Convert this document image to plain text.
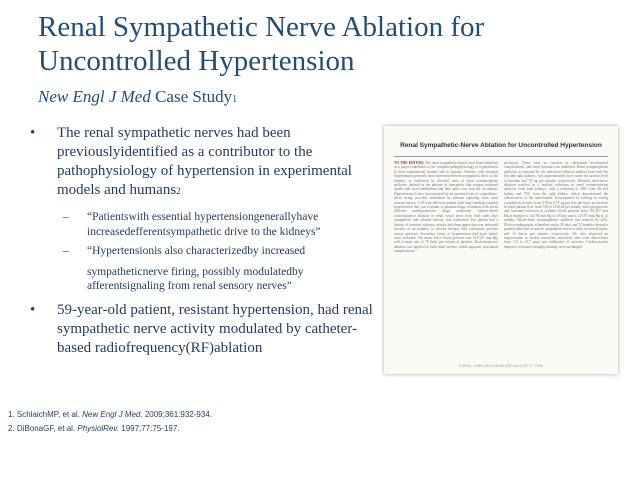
Renal Sympathetic Nerve Ablation for Uncontrolled Hypertension
New Engl J Med Case Study1
• The renal sympathetic nerves had been previouslyidentified as a contributor to the pathophysiology of hypertension in experimental models and humans2
– “Patientswith essential hypertensiongenerallyhave increasedefferentsympathetic drive to the kidneys”
– “Hypertensionis also characterizedby increased
sympatheticnerve firing, possibly modulatedby afferentsignaling from renal sensory nerves”
• 59-year-old patient, resistant hypertension, had renal sympathetic nerve activity modulated by catheter-based radiofrequency(RF)ablation
Renal Sympathetic-Nerve Ablation for Uncontrolled Hypertension
TO THE EDITOR: The renal sympathetic nerves have been identified as a major contributor to the complex pathophysiology of hypertension in both experimental models and in humans. Patients with essential hypertension generally have increased efferent sympathetic drive to the kidneys, as evidenced by elevated rates of renal norepinephrine spillover, defined as the amount of transmitter that escapes neuronal uptake and local metabolism and thus spills over into the circulation. Hypertension is also characterized by an increased rate of sympathetic-nerve firing, possibly modulated by afferent signaling from renal sensory nerves. A 59-year-old male patient with long-standing essential hypertension that was resistant to pharmacologic treatment with seven different antihypertensive drugs underwent catheter-based radiofrequency ablation in renal vessel areas from both sides after sympathetic and afferent activity was confirmed. The patient had a history of transient ischemic attacks and sleep apnea that was untreated because of an inability to tolerate therapy with continuous positive airway pressure. Secondary forms of hypertension and heart failure were excluded. The mean office blood pressure was 161/107 mm Hg, with a heart rate of 76 beats per minute at baseline. Radiofrequency ablation was applied to both renal arteries within apparent procedural complications.
plications. There were no vascular or subsequent biochemical complications, and renal function was unaltered. Renal norepinephrine spillover, as assessed by the radiotracer dilution method from both the left and right kidneys, was approximately three times the normal level at baseline and 79 ng per minute, respectively. Bilateral renal-nerve ablation resulted in a marked reduction in renal norepinephrine spillover from both kidneys, with a reduction of 48% from the left kidney and 75% from the right kidney, which demonstrated the effectiveness of the intervention. Accompanied by halving of resting sympathetic activity from 0.90 to 0.55 μg per liter per hour, an increase in renal plasma flow from 720 to 1130 ml per minute, and a progressive and sustained reduction in systemic blood pressure from 161/107 mm Hg at baseline to 141/90 mm Hg at 30 days and to 127/81 mm Hg at 12 months. Whole-body norepinephrine spillover was reduced by 42%. Electrocardiography at baseline and at 30 days and 12 months showed a gradual reduction in muscle sympathetic-nerve activity in several limbs, and 13 bursts per minute, respectively. We also observed an improvement in cardiac baroreflex sensitivity after renal denervation from 7.6 to 11.7 msec per millimeter of mercury. Cardiovascular magnetic resonance imaging findings were unchanged.
N ENGL J MED 361;9 NEJM.ORG AUGUST 27, 2009
1. SchlaichMP, et al. New Engl J Med. 2009;361:932-934.
2. DiBonaGF, et al. PhysiolRev. 1997;77:75-197.
